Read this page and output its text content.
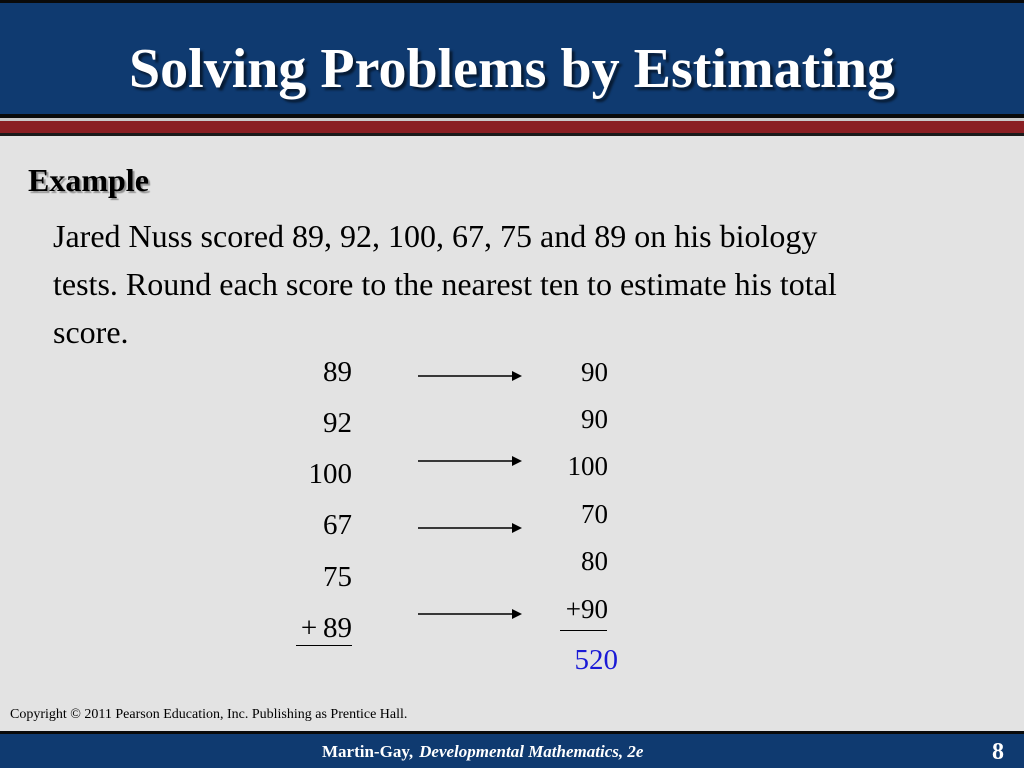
Solving Problems by Estimating
Example
Jared Nuss scored 89, 92, 100, 67, 75 and 89 on his biology tests. Round each score to the nearest ten to estimate his total score.
89
92
100
67
75
+ 89
90
90
100
70
80
+90
520
Copyright © 2011 Pearson Education, Inc. Publishing as Prentice Hall.
Martin-Gay, Developmental Mathematics, 2e	8
